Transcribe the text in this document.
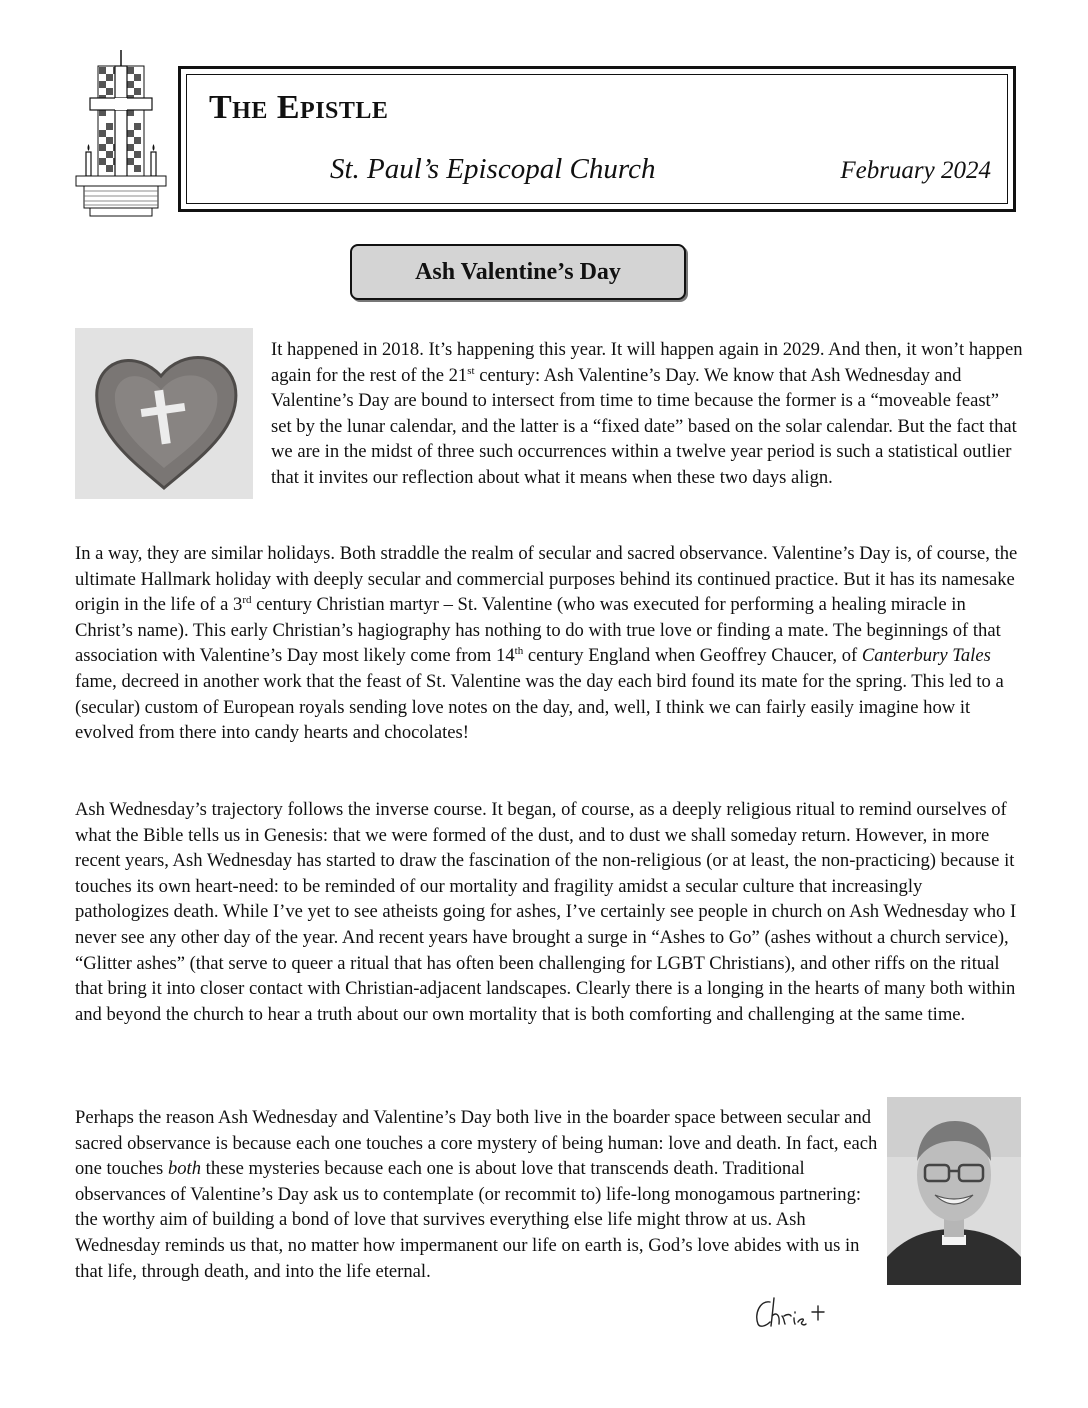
The Epistle
St. Paul’s Episcopal Church	February 2024
Ash Valentine’s Day

It happened in 2018. It’s happening this year. It will happen again in 2029. And then, it won’t happen again for the rest of the 21st century: Ash Valentine’s Day. We know that Ash Wednesday and Valentine’s Day are bound to intersect from time to time because the former is a “moveable feast” set by the lunar calendar, and the latter is a “fixed date” based on the solar calendar. But the fact that we are in the midst of three such occurrences within a twelve year period is such a statistical outlier that it invites our reflection about what it means when these two days align.

In a way, they are similar holidays. Both straddle the realm of secular and sacred observance. Valentine’s Day is, of course, the ultimate Hallmark holiday with deeply secular and commercial purposes behind its continued practice. But it has its namesake origin in the life of a 3rd century Christian martyr – St. Valentine (who was executed for performing a healing miracle in Christ’s name). This early Christian’s hagiography has nothing to do with true love or finding a mate. The beginnings of that association with Valentine’s Day most likely come from 14th century England when Geoffrey Chaucer, of Canterbury Tales fame, decreed in another work that the feast of St. Valentine was the day each bird found its mate for the spring. This led to a (secular) custom of European royals sending love notes on the day, and, well, I think we can fairly easily imagine how it evolved from there into candy hearts and chocolates!

Ash Wednesday’s trajectory follows the inverse course. It began, of course, as a deeply religious ritual to remind ourselves of what the Bible tells us in Genesis: that we were formed of the dust, and to dust we shall someday return. However, in more recent years, Ash Wednesday has started to draw the fascination of the non-religious (or at least, the non-practicing) because it touches its own heart-need: to be reminded of our mortality and fragility amidst a secular culture that increasingly pathologizes death. While I’ve yet to see atheists going for ashes, I’ve certainly see people in church on Ash Wednesday who I never see any other day of the year. And recent years have brought a surge in “Ashes to Go” (ashes without a church service), “Glitter ashes” (that serve to queer a ritual that has often been challenging for LGBT Christians), and other riffs on the ritual that bring it into closer contact with Christian-adjacent landscapes. Clearly there is a longing in the hearts of many both within and beyond the church to hear a truth about our own mortality that is both comforting and challenging at the same time.

Perhaps the reason Ash Wednesday and Valentine’s Day both live in the boarder space between secular and sacred observance is because each one touches a core mystery of being human: love and death. In fact, each one touches both these mysteries because each one is about love that transcends death. Traditional observances of Valentine’s Day ask us to contemplate (or recommit to) life-long monogamous partnering: the worthy aim of building a bond of love that survives everything else life might throw at us. Ash Wednesday reminds us that, no matter how impermanent our life on earth is, God’s love abides with us in that life, through death, and into the life eternal.
